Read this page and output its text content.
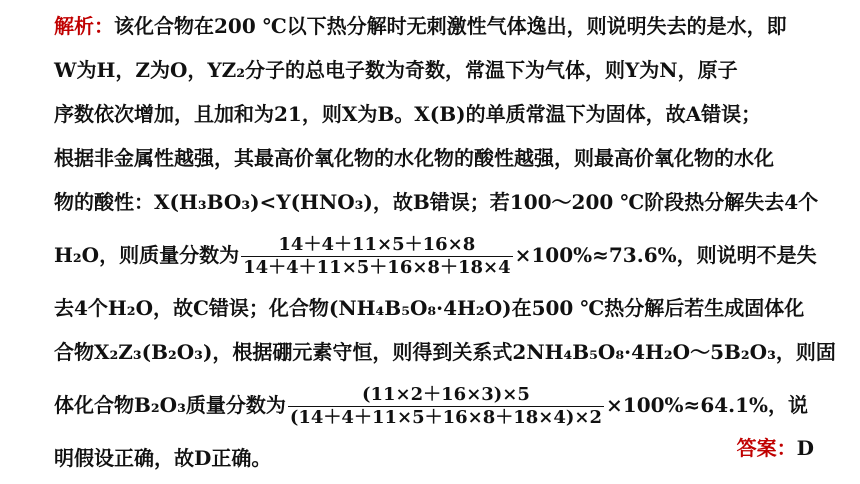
解析：该化合物在200 ℃以下热分解时无刺激性气体逸出，则说明失去的是水，即
W为H，Z为O，YZ₂分子的总电子数为奇数，常温下为气体，则Y为N，原子
序数依次增加，且加和为21，则X为B。X(B)的单质常温下为固体，故A错误；
根据非金属性越强，其最高价氧化物的水化物的酸性越强，则最高价氧化物的水化
物的酸性：X(H₃BO₃)<Y(HNO₃)，故B错误；若100～200 ℃阶段热分解失去4个
H₂O，则质量分数为 $\frac{14+4+11\times 5+16\times 8}{14+4+11\times 5+16\times 8+18\times 4} \times 100\%\approx 73.6\%$，则说明不是失
去4个H₂O，故C错误；化合物(NH₄B₅O₈·4H₂O)在500 ℃热分解后若生成固体化
合物X₂Z₃(B₂O₃)，根据硼元素守恒，则得到关系式2NH₄B₅O₈·4H₂O～5B₂O₃，则固
体化合物B₂O₃质量分数为 $\frac{(11\times 2+16\times 3)\times 5}{(14+4+11\times 5+16\times 8+18\times 4)\times 2} \times 100\%\approx 64.1\%$，说
明假设正确，故D正确。	答案：D
